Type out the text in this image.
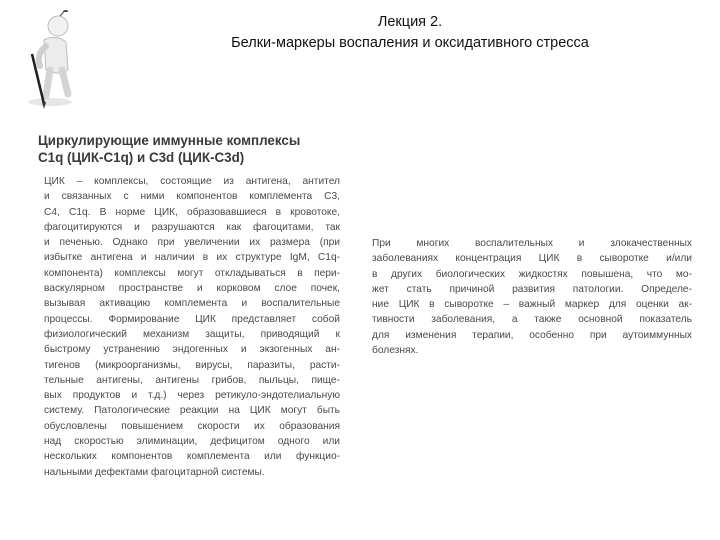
Лекция 2.
Белки-маркеры воспаления и оксидативного стресса
Циркулирующие иммунные комплексы
C1q (ЦИК-C1q) и C3d (ЦИК-C3d)
ЦИК – комплексы, состоящие из антигена, антител
и связанных с ними компонентов комплемента С3,
С4, С1q. В норме ЦИК, образовавшиеся в кровотоке,
фагоцитируются и разрушаются как фагоцитами, так
и печенью. Однако при увеличении их размера (при
избытке антигена и наличии в их структуре IgM, C1q-
компонента) комплексы могут откладываться в пери-
васкулярном пространстве и корковом слое почек,
вызывая активацию комплемента и воспалительные
процессы. Формирование ЦИК представляет собой
физиологический механизм защиты, приводящий к
быстрому устранению эндогенных и экзогенных ан-
тигенов (микроорганизмы, вирусы, паразиты, расти-
тельные антигены, антигены грибов, пыльцы, пище-
вых продуктов и т.д.) через ретикуло-эндотелиальную
систему. Патологические реакции на ЦИК могут быть
обусловлены повышением скорости их образования
над скоростью элиминации, дефицитом одного или
нескольких компонентов комплемента или функцио-
нальными дефектами фагоцитарной системы.
При многих воспалительных и злокачественных
заболеваниях концентрация ЦИК в сыворотке и/или
в других биологических жидкостях повышена, что мо-
жет стать причиной развития патологии. Определе-
ние ЦИК в сыворотке – важный маркер для оценки ак-
тивности заболевания, а также основной показатель
для изменения терапии, особенно при аутоиммунных
болезнях.
